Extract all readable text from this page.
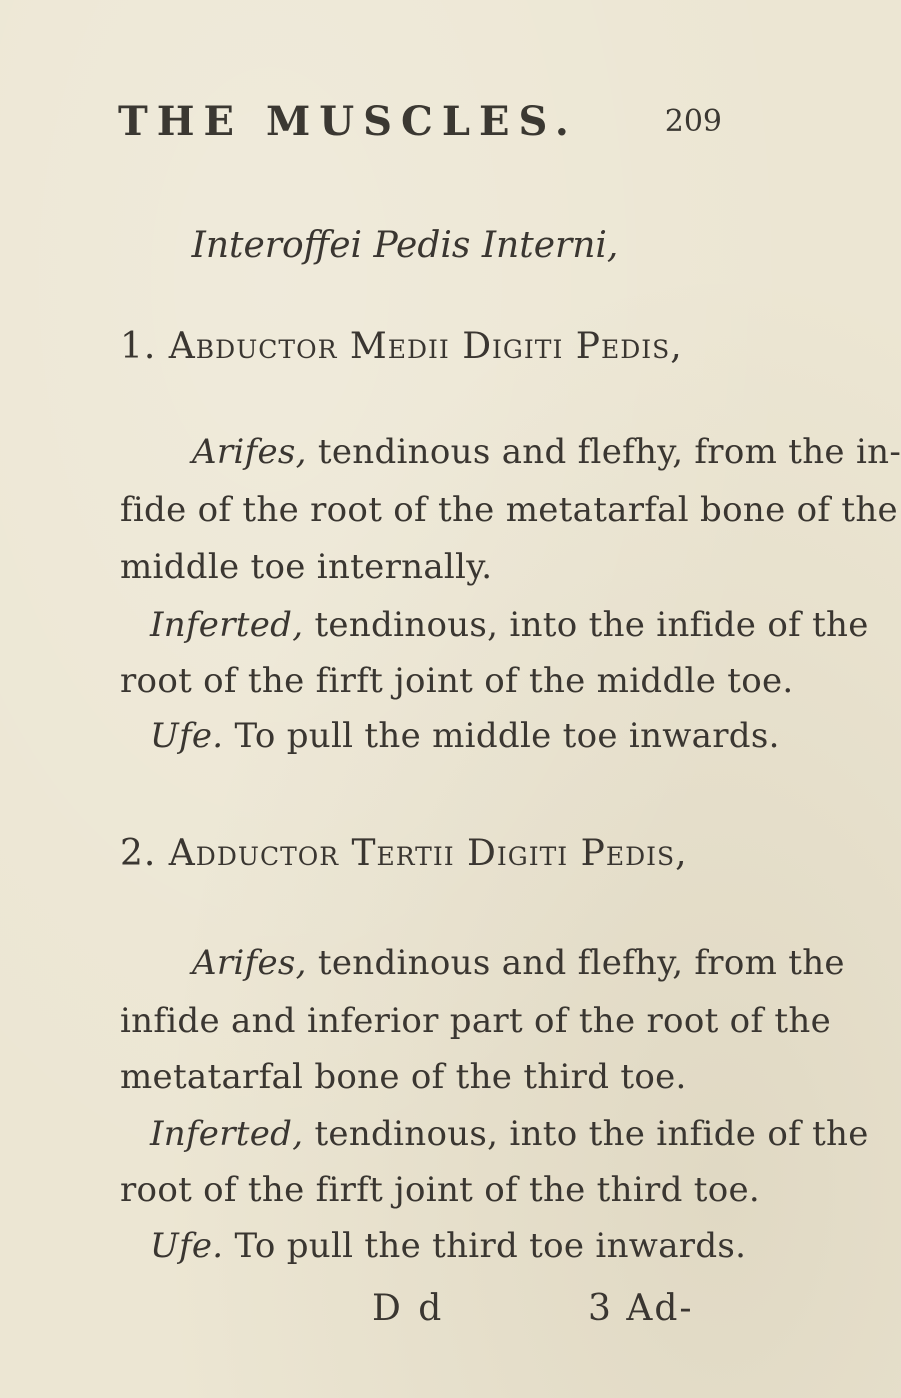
THE MUSCLES.	209
Interoffei Pedis Interni,
1. Abductor Medii Digiti Pedis,
Arifes, tendinous and flefhy, from the in-
fide of the root of the metatarfal bone of the
middle toe internally.
Inferted, tendinous, into the infide of the
root of the firft joint of the middle toe.
Ufe. To pull the middle toe inwards.
2. Adductor Tertii Digiti Pedis,
Arifes, tendinous and flefhy, from the
infide and inferior part of the root of the
metatarfal bone of the third toe.
Inferted, tendinous, into the infide of the
root of the firft joint of the third toe.
Ufe. To pull the third toe inwards.
D d	3 Ad-
